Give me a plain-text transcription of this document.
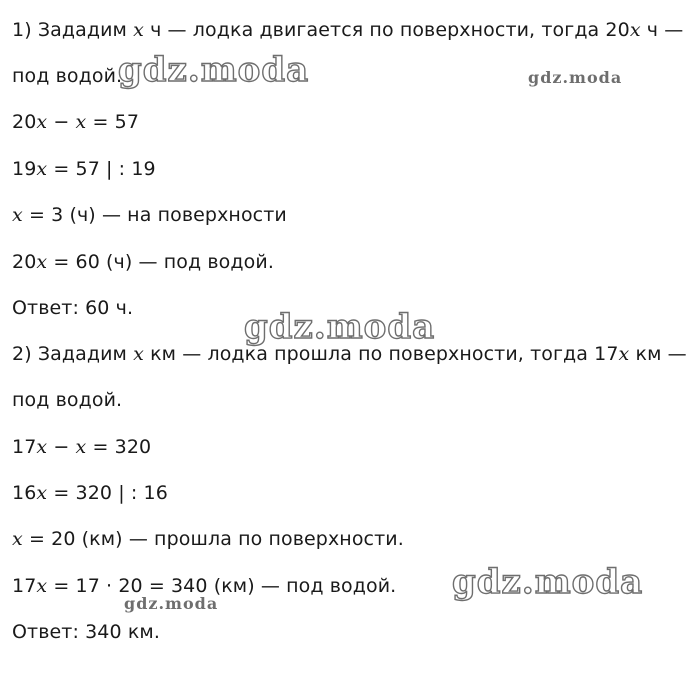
1) Зададим x ч — лодка двигается по поверхности, тогда 20x ч —
под водой.
20x − x = 57
19x = 57 | : 19
x = 3 (ч) — на поверхности
20x = 60 (ч) — под водой.
Ответ: 60 ч.
2) Зададим x км — лодка прошла по поверхности, тогда 17x км —
под водой.
17x − x = 320
16x = 320 | : 16
x = 20 (км) — прошла по поверхности.
17x = 17 · 20 = 340 (км) — под водой.
Ответ: 340 км.
gdz.moda	gdz.moda
gdz.moda
gdz.moda
gdz.moda
